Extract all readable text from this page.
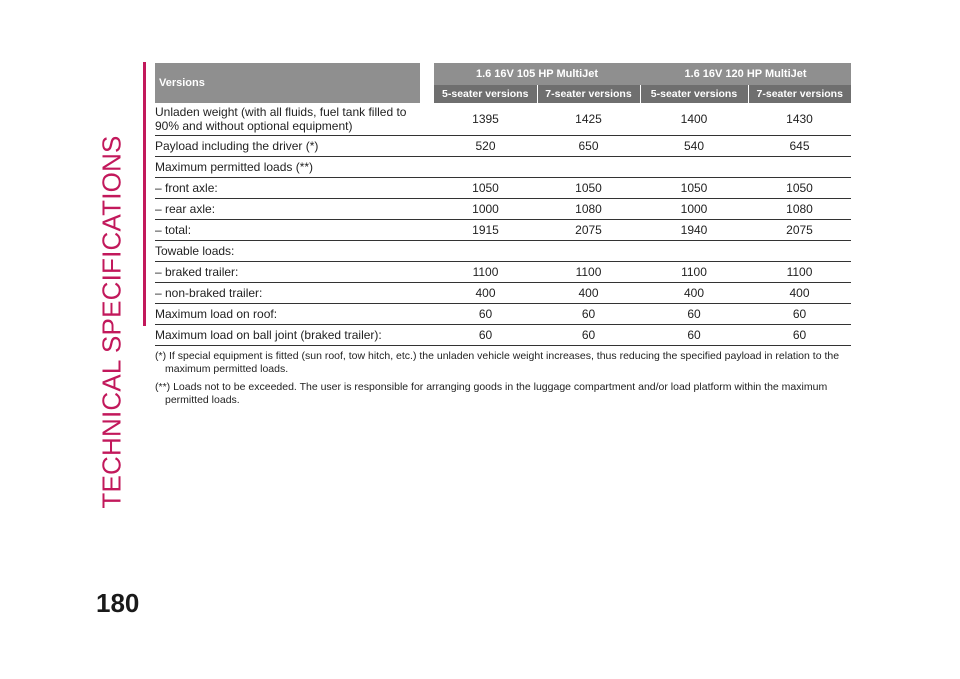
TECHNICAL SPECIFICATIONS
Versions		1.6 16V 105 HP MultiJet		1.6 16V 120 HP MultiJet	
		5-seater versions	7-seater versions	5-seater versions	7-seater versions
Unladen weight (with all fluids, fuel tank filled to 90% and without optional equipment)		1395	1425	1400	1430
Payload including the driver (*)		520	650	540	645
Maximum permitted loads (**)					
– front axle:		1050	1050	1050	1050
– rear axle:		1000	1080	1000	1080
– total:		1915	2075	1940	2075
Towable loads:					
– braked trailer:		1100	1100	1100	1100
– non-braked trailer:		400	400	400	400
Maximum load on roof:		60	60	60	60
Maximum load on ball joint (braked trailer):		60	60	60	60

(*) If special equipment is fitted (sun roof, tow hitch, etc.) the unladen vehicle weight increases, thus reducing the specified payload in relation to the maximum permitted loads.

(**) Loads not to be exceeded. The user is responsible for arranging goods in the luggage compartment and/or load platform within the maximum permitted loads.

180
